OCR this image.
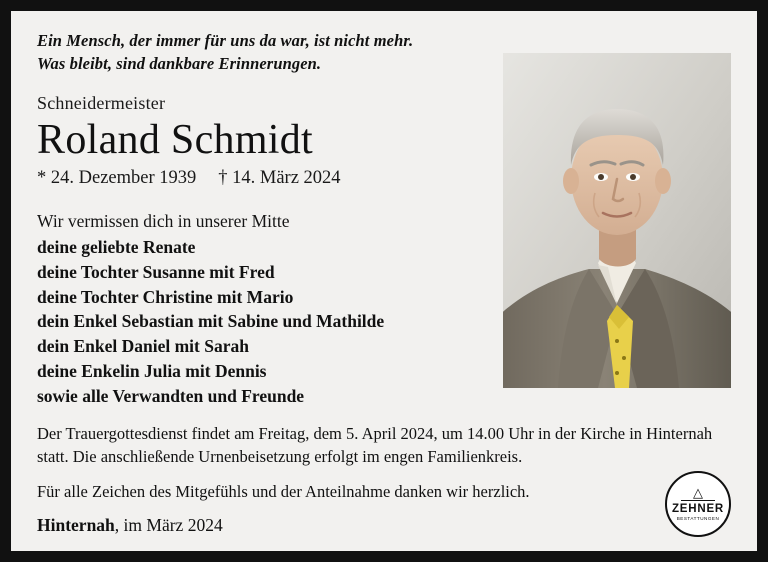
Ein Mensch, der immer für uns da war, ist nicht mehr.
Was bleibt, sind dankbare Erinnerungen.
Schneidermeister
Roland Schmidt
* 24. Dezember 1939 † 14. März 2024
Wir vermissen dich in unserer Mitte
deine geliebte Renate
deine Tochter Susanne mit Fred
deine Tochter Christine mit Mario
dein Enkel Sebastian mit Sabine und Mathilde
dein Enkel Daniel mit Sarah
deine Enkelin Julia mit Dennis
sowie alle Verwandten und Freunde
Der Trauergottesdienst findet am Freitag, dem 5. April 2024, um 14.00 Uhr in der Kirche in Hinternah statt. Die anschließende Urnenbeisetzung erfolgt im engen Familienkreis.
Für alle Zeichen des Mitgefühls und der Anteilnahme danken wir herzlich.
Hinternah, im März 2024
△
ZEHNER
BESTATTUNGEN
